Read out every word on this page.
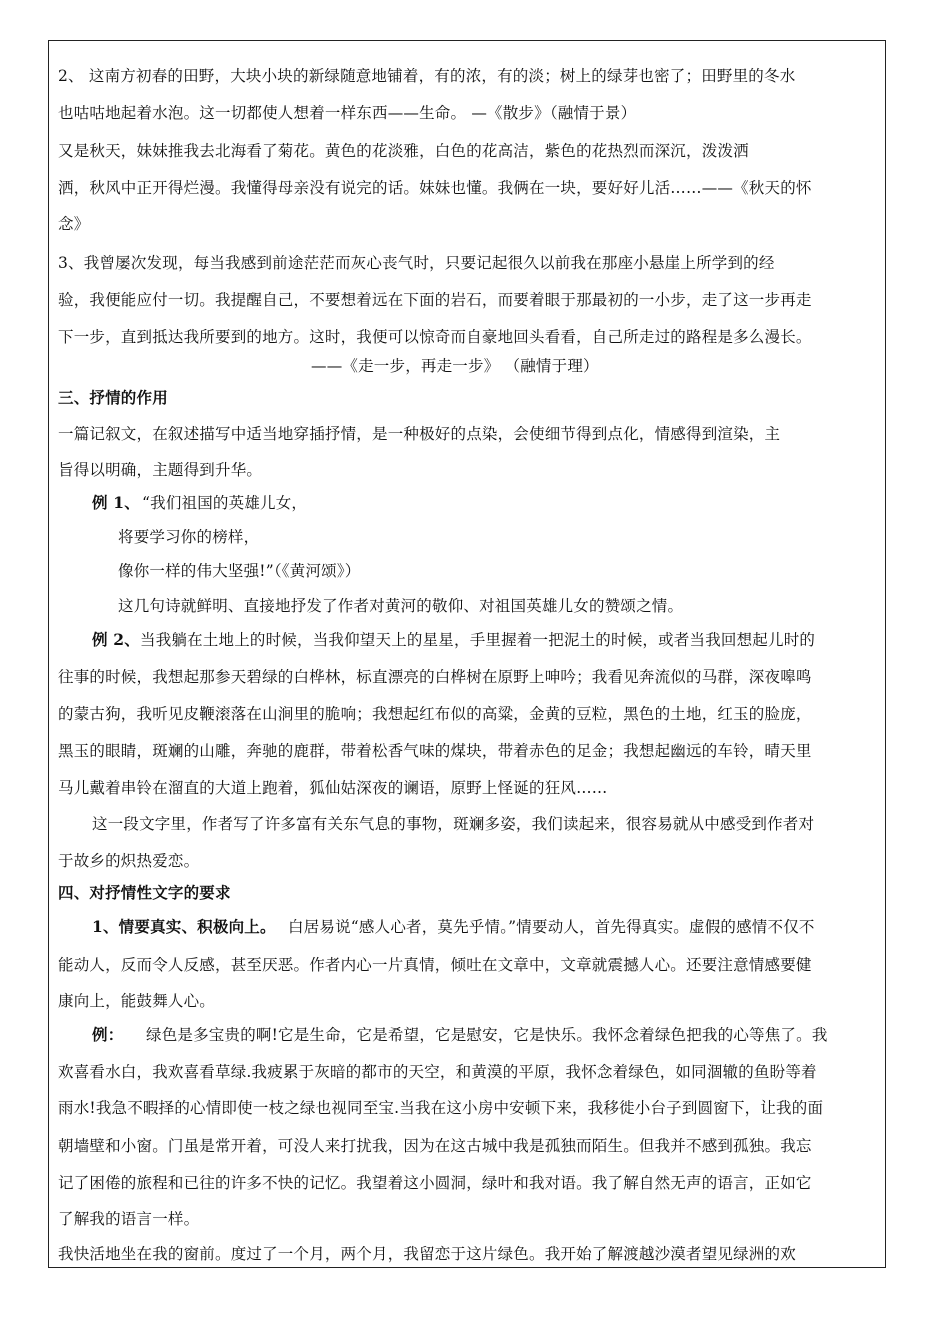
2、 这南方初春的田野，大块小块的新绿随意地铺着，有的浓，有的淡；树上的绿芽也密了；田野里的冬水
也咕咕地起着水泡。这一切都使人想着一样东西——生命。 —《散步》（融情于景）
又是秋天，妹妹推我去北海看了菊花。黄色的花淡雅，白色的花高洁，紫色的花热烈而深沉，泼泼洒
洒，秋风中正开得烂漫。我懂得母亲没有说完的话。妹妹也懂。我俩在一块，要好好儿活……——《秋天的怀
念》
3、我曾屡次发现，每当我感到前途茫茫而灰心丧气时，只要记起很久以前我在那座小悬崖上所学到的经
验，我便能应付一切。我提醒自己，不要想着远在下面的岩石，而要着眼于那最初的一小步，走了这一步再走
下一步，直到抵达我所要到的地方。这时，我便可以惊奇而自豪地回头看看，自己所走过的路程是多么漫长。
——《走一步，再走一步》 （融情于理）
三、抒情的作用
一篇记叙文，在叙述描写中适当地穿插抒情，是一种极好的点染，会使细节得到点化，情感得到渲染，主
旨得以明确，主题得到升华。
例 1、 “我们祖国的英雄儿女，
将要学习你的榜样，
像你一样的伟大坚强!”（《黄河颂》）
这几句诗就鲜明、直接地抒发了作者对黄河的敬仰、对祖国英雄儿女的赞颂之情。
例 2、 当我躺在土地上的时候，当我仰望天上的星星，手里握着一把泥土的时候，或者当我回想起儿时的
往事的时候，我想起那参天碧绿的白桦林，标直漂亮的白桦树在原野上呻吟；我看见奔流似的马群，深夜嗥鸣
的蒙古狗，我听见皮鞭滚落在山涧里的脆响；我想起红布似的高粱，金黄的豆粒，黑色的土地，红玉的脸庞，
黑玉的眼睛，斑斓的山雕，奔驰的鹿群，带着松香气味的煤块，带着赤色的足金；我想起幽远的车铃，晴天里
马儿戴着串铃在溜直的大道上跑着，狐仙姑深夜的谰语，原野上怪诞的狂风……
这一段文字里，作者写了许多富有关东气息的事物，斑斓多姿，我们读起来，很容易就从中感受到作者对
于故乡的炽热爱恋。
四、对抒情性文字的要求
1、情要真实、积极向上。 白居易说“感人心者，莫先乎情。”情要动人，首先得真实。虚假的感情不仅不
能动人，反而令人反感，甚至厌恶。作者内心一片真情，倾吐在文章中，文章就震撼人心。还要注意情感要健
康向上，能鼓舞人心。
例：	绿色是多宝贵的啊!它是生命，它是希望，它是慰安，它是快乐。我怀念着绿色把我的心等焦了。我
欢喜看水白，我欢喜看草绿.我疲累于灰暗的都市的天空，和黄漠的平原，我怀念着绿色，如同涸辙的鱼盼等着
雨水!我急不暇择的心情即使一枝之绿也视同至宝.当我在这小房中安顿下来，我移徙小台子到圆窗下，让我的面
朝墙壁和小窗。门虽是常开着，可没人来打扰我，因为在这古城中我是孤独而陌生。但我并不感到孤独。我忘
记了困倦的旅程和已往的许多不快的记忆。我望着这小圆洞，绿叶和我对语。我了解自然无声的语言，正如它
了解我的语言一样。
我快活地坐在我的窗前。度过了一个月，两个月，我留恋于这片绿色。我开始了解渡越沙漠者望见绿洲的欢
